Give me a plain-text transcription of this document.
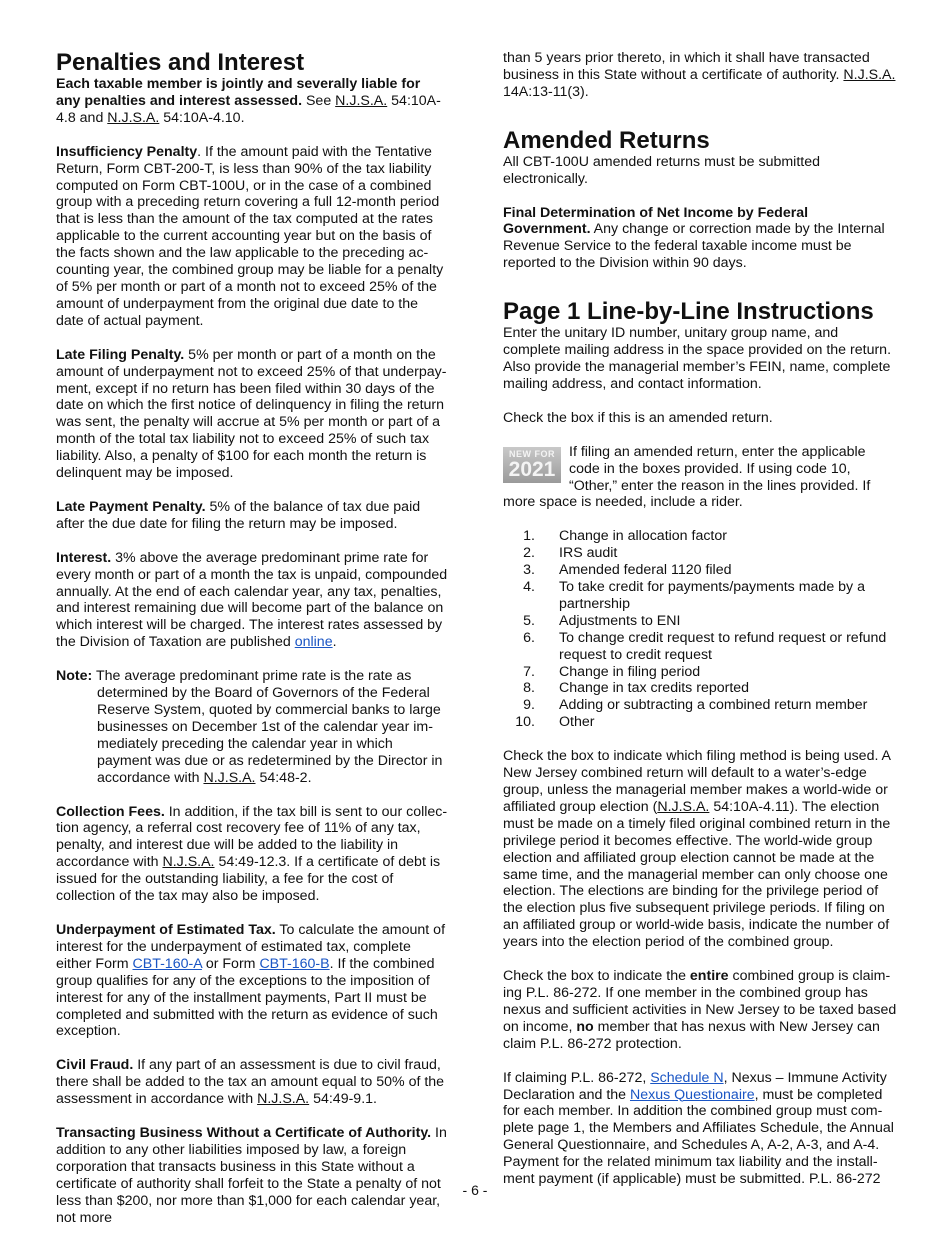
Penalties and Interest

Each taxable member is jointly and severally liable for any penalties and interest assessed. See N.J.S.A. 54:10A-4.8 and N.J.S.A. 54:10A-4.10.

Insufficiency Penalty. If the amount paid with the Tentative Return, Form CBT-200-T, is less than 90% of the tax liability computed on Form CBT-100U, or in the case of a combined group with a preceding return covering a full 12-month period that is less than the amount of the tax computed at the rates applicable to the current accounting year but on the basis of the facts shown and the law applicable to the preceding accounting year, the combined group may be liable for a penalty of 5% per month or part of a month not to exceed 25% of the amount of underpayment from the original due date to the date of actual payment.

Late Filing Penalty. 5% per month or part of a month on the amount of underpayment not to exceed 25% of that underpayment, except if no return has been filed within 30 days of the date on which the first notice of delinquency in filing the return was sent, the penalty will accrue at 5% per month or part of a month of the total tax liability not to exceed 25% of such tax liability. Also, a penalty of $100 for each month the return is delinquent may be imposed.

Late Payment Penalty. 5% of the balance of tax due paid after the due date for filing the return may be imposed.

Interest. 3% above the average predominant prime rate for every month or part of a month the tax is unpaid, compounded annually. At the end of each calendar year, any tax, penalties, and interest remaining due will become part of the balance on which interest will be charged. The interest rates assessed by the Division of Taxation are published online.

Note: The average predominant prime rate is the rate as determined by the Board of Governors of the Federal Reserve System, quoted by commercial banks to large businesses on December 1st of the calendar year immediately preceding the calendar year in which payment was due or as redetermined by the Director in accordance with N.J.S.A. 54:48-2.

Collection Fees. In addition, if the tax bill is sent to our collection agency, a referral cost recovery fee of 11% of any tax, penalty, and interest due will be added to the liability in accordance with N.J.S.A. 54:49-12.3. If a certificate of debt is issued for the outstanding liability, a fee for the cost of collection of the tax may also be imposed.

Underpayment of Estimated Tax. To calculate the amount of interest for the underpayment of estimated tax, complete either Form CBT-160-A or Form CBT-160-B. If the combined group qualifies for any of the exceptions to the imposition of interest for any of the installment payments, Part II must be completed and submitted with the return as evidence of such exception.

Civil Fraud. If any part of an assessment is due to civil fraud, there shall be added to the tax an amount equal to 50% of the assessment in accordance with N.J.S.A. 54:49-9.1.

Transacting Business Without a Certificate of Authority. In addition to any other liabilities imposed by law, a foreign corporation that transacts business in this State without a certificate of authority shall forfeit to the State a penalty of not less than $200, nor more than $1,000 for each calendar year, not more

than 5 years prior thereto, in which it shall have transacted business in this State without a certificate of authority. N.J.S.A. 14A:13-11(3).

Amended Returns

All CBT-100U amended returns must be submitted electronically.

Final Determination of Net Income by Federal Government. Any change or correction made by the Internal Revenue Service to the federal taxable income must be reported to the Division within 90 days.

Page 1 Line-by-Line Instructions

Enter the unitary ID number, unitary group name, and complete mailing address in the space provided on the return. Also provide the managerial member’s FEIN, name, complete mailing address, and contact information.

Check the box if this is an amended return.

NEW FOR
2021
If filing an amended return, enter the applicable code in the boxes provided. If using code 10, “Other,” enter the reason in the lines provided. If more space is needed, include a rider.

1. Change in allocation factor
2. IRS audit
3. Amended federal 1120 filed
4. To take credit for payments/payments made by a partnership
5. Adjustments to ENI
6. To change credit request to refund request or refund request to credit request
7. Change in filing period
8. Change in tax credits reported
9. Adding or subtracting a combined return member
10. Other

Check the box to indicate which filing method is being used. A New Jersey combined return will default to a water’s-edge group, unless the managerial member makes a world-wide or affiliated group election (N.J.S.A. 54:10A-4.11). The election must be made on a timely filed original combined return in the privilege period it becomes effective. The world-wide group election and affiliated group election cannot be made at the same time, and the managerial member can only choose one election. The elections are binding for the privilege period of the election plus five subsequent privilege periods. If filing on an affiliated group or world-wide basis, indicate the number of years into the election period of the combined group.

Check the box to indicate the entire combined group is claiming P.L. 86-272. If one member in the combined group has nexus and sufficient activities in New Jersey to be taxed based on income, no member that has nexus with New Jersey can claim P.L. 86-272 protection.

If claiming P.L. 86-272, Schedule N, Nexus – Immune Activity Declaration and the Nexus Questionaire, must be completed for each member. In addition the combined group must complete page 1, the Members and Affiliates Schedule, the Annual General Questionnaire, and Schedules A, A-2, A-3, and A-4. Payment for the related minimum tax liability and the installment payment (if applicable) must be submitted. P.L. 86-272

- 6 -
